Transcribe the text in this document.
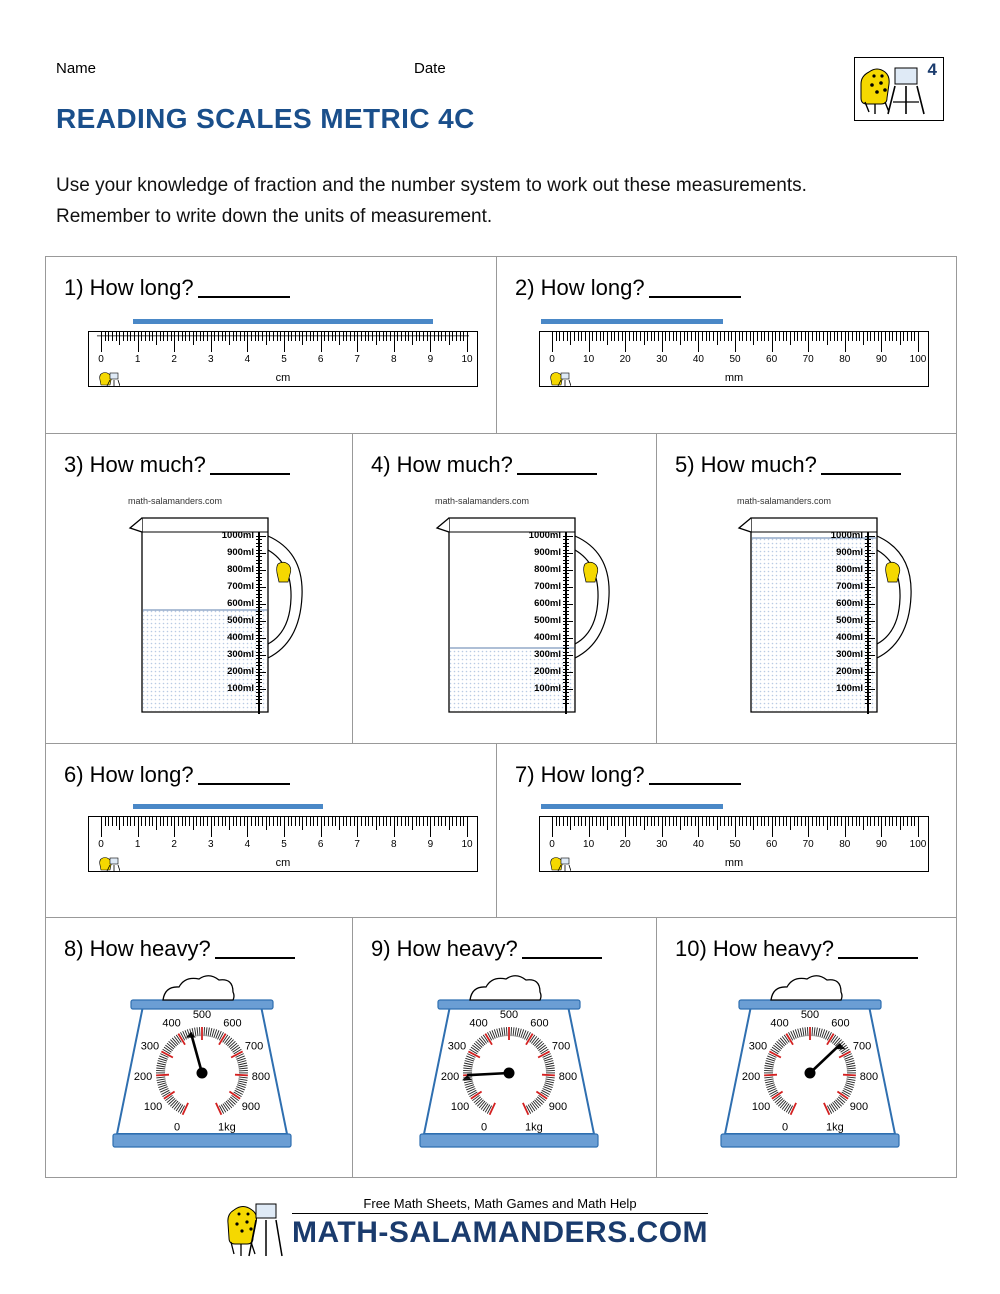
Name	Date	4
READING SCALES METRIC 4C
Use your knowledge of fraction and the number system to work out these measurements. Remember to write down the units of measurement.
1) How long?
0	1	2	3	4	5	6	7	8	9	10
cm
2) How long?
0	10	20	30	40	50	60	70	80	90	100
mm
3) How much?
math-salamanders.com
1000ml
900ml
800ml
700ml
600ml
500ml
400ml
300ml
200ml
100ml
4) How much?
math-salamanders.com
1000ml
900ml
800ml
700ml
600ml
500ml
400ml
300ml
200ml
100ml
5) How much?
math-salamanders.com
1000ml
900ml
800ml
700ml
600ml
500ml
400ml
300ml
200ml
100ml
6) How long?
0	1	2	3	4	5	6	7	8	9	10
cm
7) How long?
0	10	20	30	40	50	60	70	80	90	100
mm
8) How heavy?
0
100
200
300
400
500
600
700
800
900
1kg
9) How heavy?
0
100
200
300
400
500
600
700
800
900
1kg
10) How heavy?
0
100
200
300
400
500
600
700
800
900
1kg
Free Math Sheets, Math Games and Math Help
MATH-SALAMANDERS.COM
